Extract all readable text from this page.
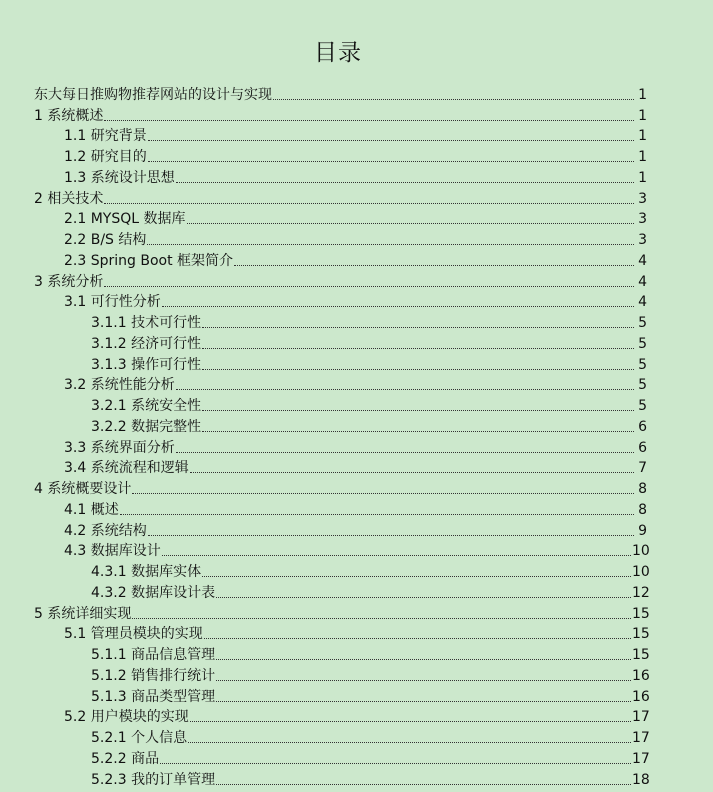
目录
东大每日推购物推荐网站的设计与实现	1
1 系统概述	1
1.1 研究背景	1
1.2 研究目的	1
1.3 系统设计思想	1
2 相关技术	3
2.1 MYSQL 数据库	3
2.2 B/S 结构	3
2.3 Spring Boot 框架简介	4
3 系统分析	4
3.1 可行性分析	4
3.1.1 技术可行性	5
3.1.2 经济可行性	5
3.1.3 操作可行性	5
3.2 系统性能分析	5
3.2.1 系统安全性	5
3.2.2 数据完整性	6
3.3 系统界面分析	6
3.4 系统流程和逻辑	7
4 系统概要设计	8
4.1 概述	8
4.2 系统结构	9
4.3 数据库设计	10
4.3.1 数据库实体	10
4.3.2 数据库设计表	12
5 系统详细实现	15
5.1 管理员模块的实现	15
5.1.1 商品信息管理	15
5.1.2 销售排行统计	16
5.1.3 商品类型管理	16
5.2 用户模块的实现	17
5.2.1 个人信息	17
5.2.2 商品	17
5.2.3 我的订单管理	18
